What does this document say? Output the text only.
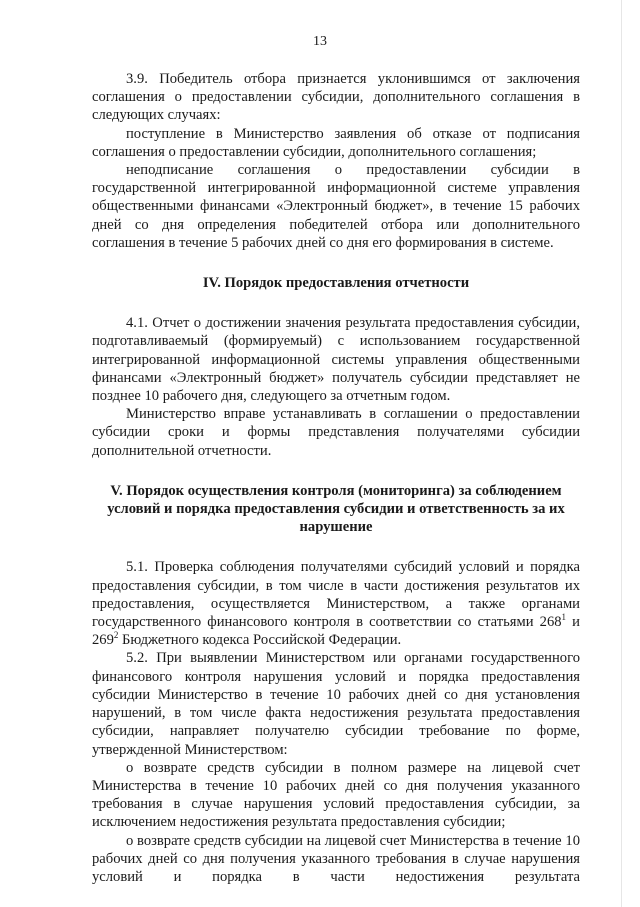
13

3.9. Победитель отбора признается уклонившимся от заключения соглашения о предоставлении субсидии, дополнительного соглашения в следующих случаях:

поступление в Министерство заявления об отказе от подписания соглашения о предоставлении субсидии, дополнительного соглашения;

неподписание соглашения о предоставлении субсидии в государственной интегрированной информационной системе управления общественными финансами «Электронный бюджет», в течение 15 рабочих дней со дня определения победителей отбора или дополнительного соглашения в течение 5 рабочих дней со дня его формирования в системе.

IV. Порядок предоставления отчетности

4.1. Отчет о достижении значения результата предоставления субсидии, подготавливаемый (формируемый) с использованием государственной интегрированной информационной системы управления общественными финансами «Электронный бюджет» получатель субсидии представляет не позднее 10 рабочего дня, следующего за отчетным годом.

Министерство вправе устанавливать в соглашении о предоставлении субсидии сроки и формы представления получателями субсидии дополнительной отчетности.

V. Порядок осуществления контроля (мониторинга) за соблюдением условий и порядка предоставления субсидии и ответственность за их нарушение

5.1. Проверка соблюдения получателями субсидий условий и порядка предоставления субсидии, в том числе в части достижения результатов их предоставления, осуществляется Министерством, а также органами государственного финансового контроля в соответствии со статьями $268^1$ и $269^2$ Бюджетного кодекса Российской Федерации.

5.2. При выявлении Министерством или органами государственного финансового контроля нарушения условий и порядка предоставления субсидии Министерство в течение 10 рабочих дней со дня установления нарушений, в том числе факта недостижения результата предоставления субсидии, направляет получателю субсидии требование по форме, утвержденной Министерством:

о возврате средств субсидии в полном размере на лицевой счет Министерства в течение 10 рабочих дней со дня получения указанного требования в случае нарушения условий предоставления субсидии, за исключением недостижения результата предоставления субсидии;

о возврате средств субсидии на лицевой счет Министерства в течение 10 рабочих дней со дня получения указанного требования в случае нарушения условий и порядка в части недостижения результата
